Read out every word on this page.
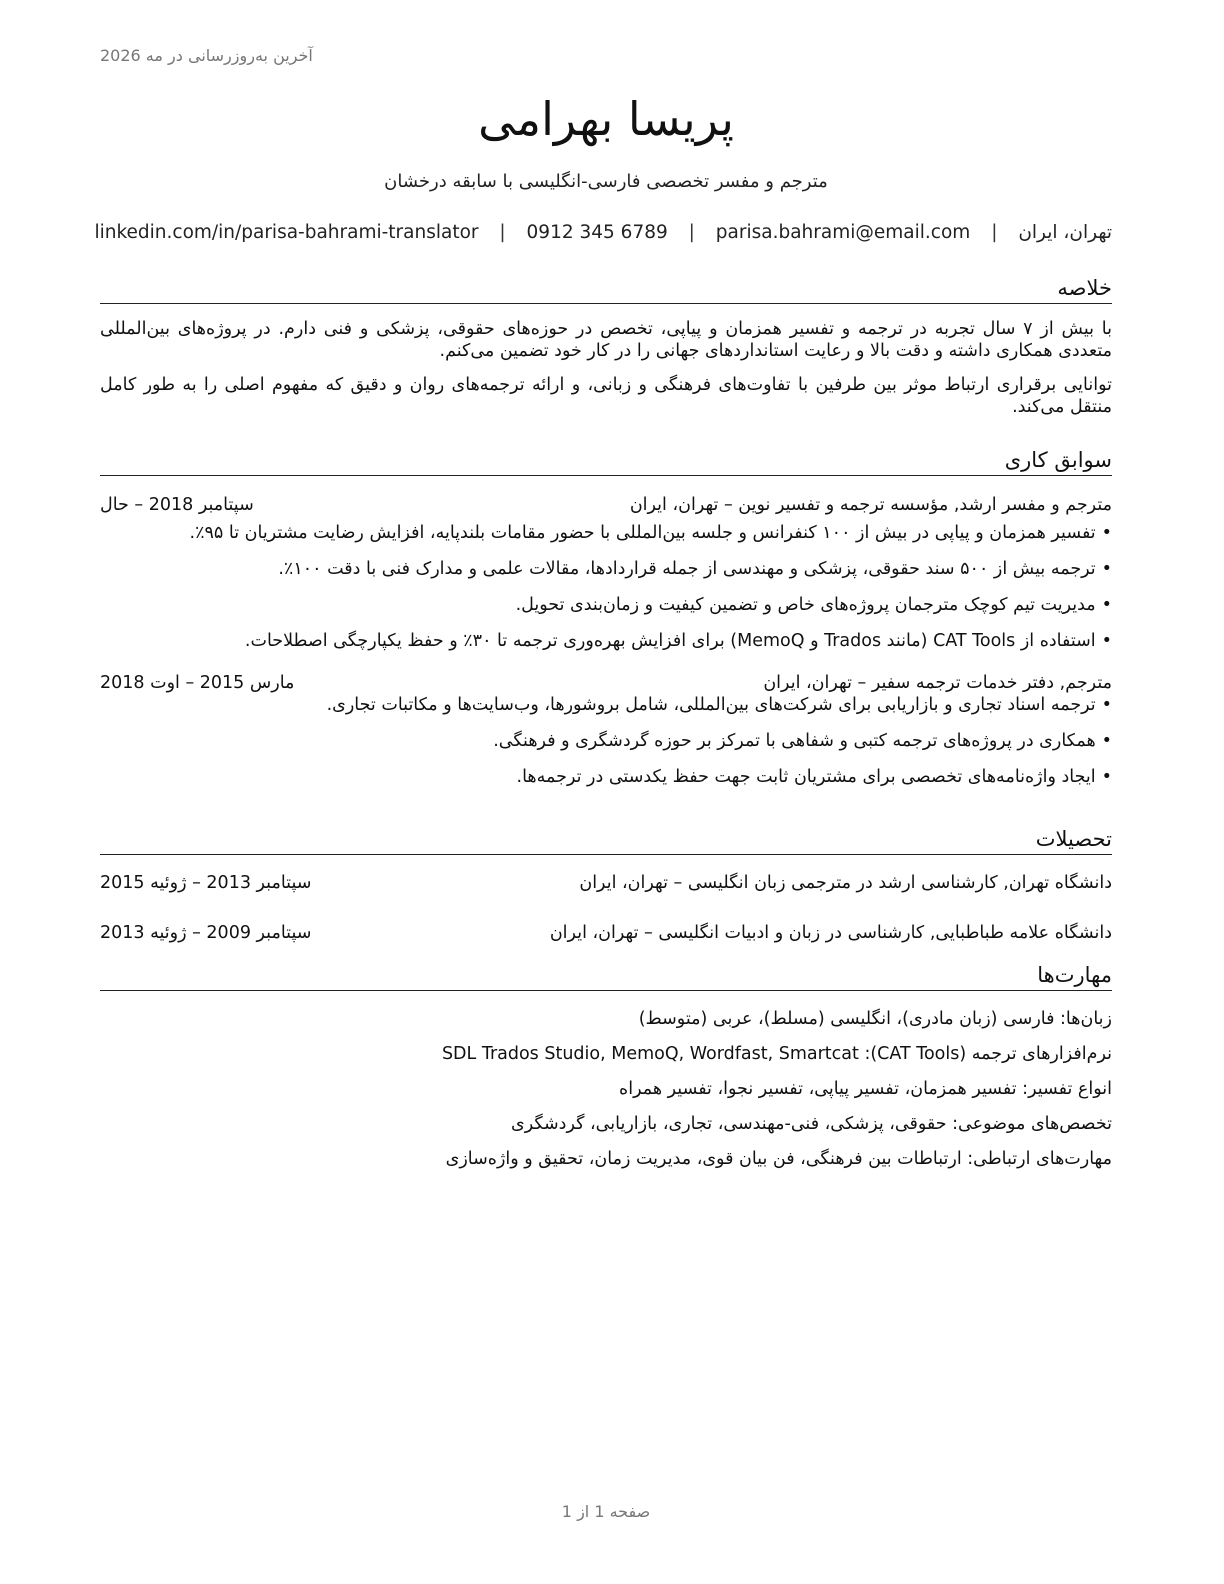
آخرین به‌روزرسانی در مه 2026
پریسا بهرامی
مترجم و مفسر تخصصی فارسی-انگلیسی با سابقه درخشان
تهران، ایران | parisa.bahrami@email.com | 0912 345 6789 | linkedin.com/in/parisa-bahrami-translator
خلاصه

با بیش از ۷ سال تجربه در ترجمه و تفسیر همزمان و پیاپی، تخصص در حوزه‌های حقوقی، پزشکی و فنی دارم. در پروژه‌های بین‌المللی متعددی همکاری داشته و دقت بالا و رعایت استانداردهای جهانی را در کار خود تضمین می‌کنم.

توانایی برقراری ارتباط موثر بین طرفین با تفاوت‌های فرهنگی و زبانی، و ارائه ترجمه‌های روان و دقیق که مفهوم اصلی را به طور کامل منتقل می‌کند.

سوابق کاری
مترجم و مفسر ارشد, مؤسسه ترجمه و تفسیر نوین – تهران، ایران
سپتامبر 2018 – حال
• تفسیر همزمان و پیاپی در بیش از ۱۰۰ کنفرانس و جلسه بین‌المللی با حضور مقامات بلندپایه، افزایش رضایت مشتریان تا ۹۵٪.
• ترجمه بیش از ۵۰۰ سند حقوقی، پزشکی و مهندسی از جمله قراردادها، مقالات علمی و مدارک فنی با دقت ۱۰۰٪.
• مدیریت تیم کوچک مترجمان پروژه‌های خاص و تضمین کیفیت و زمان‌بندی تحویل.
• استفاده از CAT Tools (مانند Trados و MemoQ) برای افزایش بهره‌وری ترجمه تا ۳۰٪ و حفظ یکپارچگی اصطلاحات.
مترجم, دفتر خدمات ترجمه سفیر – تهران، ایران
مارس 2015 – اوت 2018
• ترجمه اسناد تجاری و بازاریابی برای شرکت‌های بین‌المللی، شامل بروشورها، وب‌سایت‌ها و مکاتبات تجاری.
• همکاری در پروژه‌های ترجمه کتبی و شفاهی با تمرکز بر حوزه گردشگری و فرهنگی.
• ایجاد واژه‌نامه‌های تخصصی برای مشتریان ثابت جهت حفظ یکدستی در ترجمه‌ها.
تحصیلات
دانشگاه تهران, کارشناسی ارشد در مترجمی زبان انگلیسی – تهران، ایران
سپتامبر 2013 – ژوئیه 2015
دانشگاه علامه طباطبایی, کارشناسی در زبان و ادبیات انگلیسی – تهران، ایران
سپتامبر 2009 – ژوئیه 2013
مهارت‌ها
زبان‌ها: فارسی (زبان مادری)، انگلیسی (مسلط)، عربی (متوسط)
نرم‌افزارهای ترجمه (CAT Tools): SDL Trados Studio, MemoQ, Wordfast, Smartcat
انواع تفسیر: تفسیر همزمان، تفسیر پیاپی، تفسیر نجوا، تفسیر همراه
تخصص‌های موضوعی: حقوقی، پزشکی، فنی-مهندسی، تجاری، بازاریابی، گردشگری
مهارت‌های ارتباطی: ارتباطات بین فرهنگی، فن بیان قوی، مدیریت زمان، تحقیق و واژه‌سازی
صفحه 1 از 1
